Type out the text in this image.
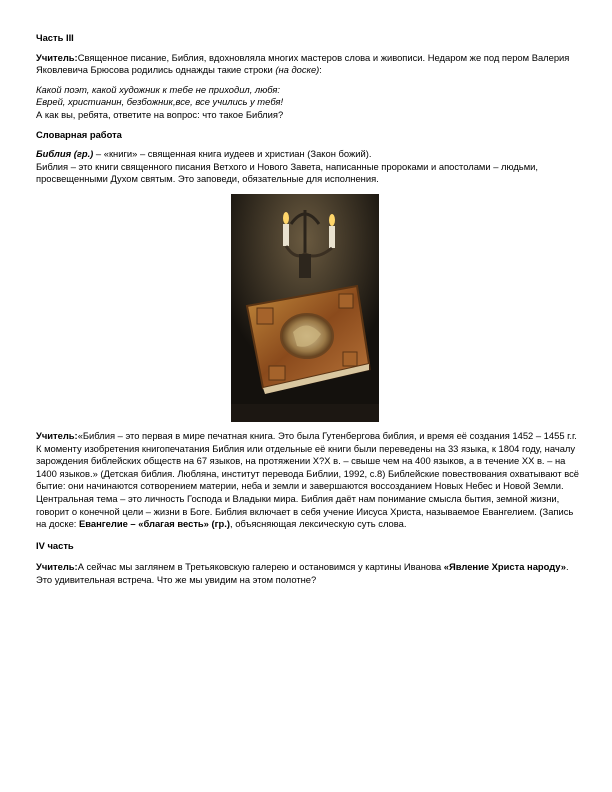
Часть III

Учитель:Священное писание, Библия, вдохновляла многих мастеров слова и живописи. Недаром же под пером Валерия Яковлевича Брюсова родились однажды такие строки (на доске):

Какой поэт, какой художник к тебе не приходил, любя:

Еврей, христианин, безбожник,все, все учились у тебя!

А как вы, ребята, ответите на вопрос: что такое Библия?

Словарная работа

Библия (гр.) – «книги» – священная книга иудеев и христиан (Закон божий).

Библия – это книги священного писания Ветхого и Нового Завета, написанные пророками и апостолами – людьми, просвещенными Духом святым. Это заповеди, обязательные для исполнения.

Учитель:«Библия – это первая в мире печатная книга. Это была Гутенбергова библия, и время её создания 1452 – 1455 г.г. К моменту изобретения книгопечатания Библия или отдельные её книги были переведены на 33 языка, к 1804 году, началу зарождения библейских обществ на 67 языков, на протяжении Х?Х в. – свыше чем на 400 языков, а в течение ХХ в. – на 1400 языков.» (Детская библия. Любляна, институт перевода Библии, 1992, с.8) Библейские повествования охватывают всё бытие: они начинаются сотворением материи, неба и земли и завершаются воссозданием Новых Небес и Новой Земли. Центральная тема – это личность Господа и Владыки мира. Библия даёт нам понимание смысла бытия, земной жизни, говорит о конечной цели – жизни в Боге. Библия включает в себя учение Иисуса Христа, называемое Евангелием. (Запись на доске: Евангелие – «благая весть» (гр.), объясняющая лексическую суть слова.

IV часть

Учитель:А сейчас мы заглянем в Третьяковскую галерею и остановимся у картины Иванова «Явление Христа народу». Это удивительная встреча. Что же мы увидим на этом полотне?
